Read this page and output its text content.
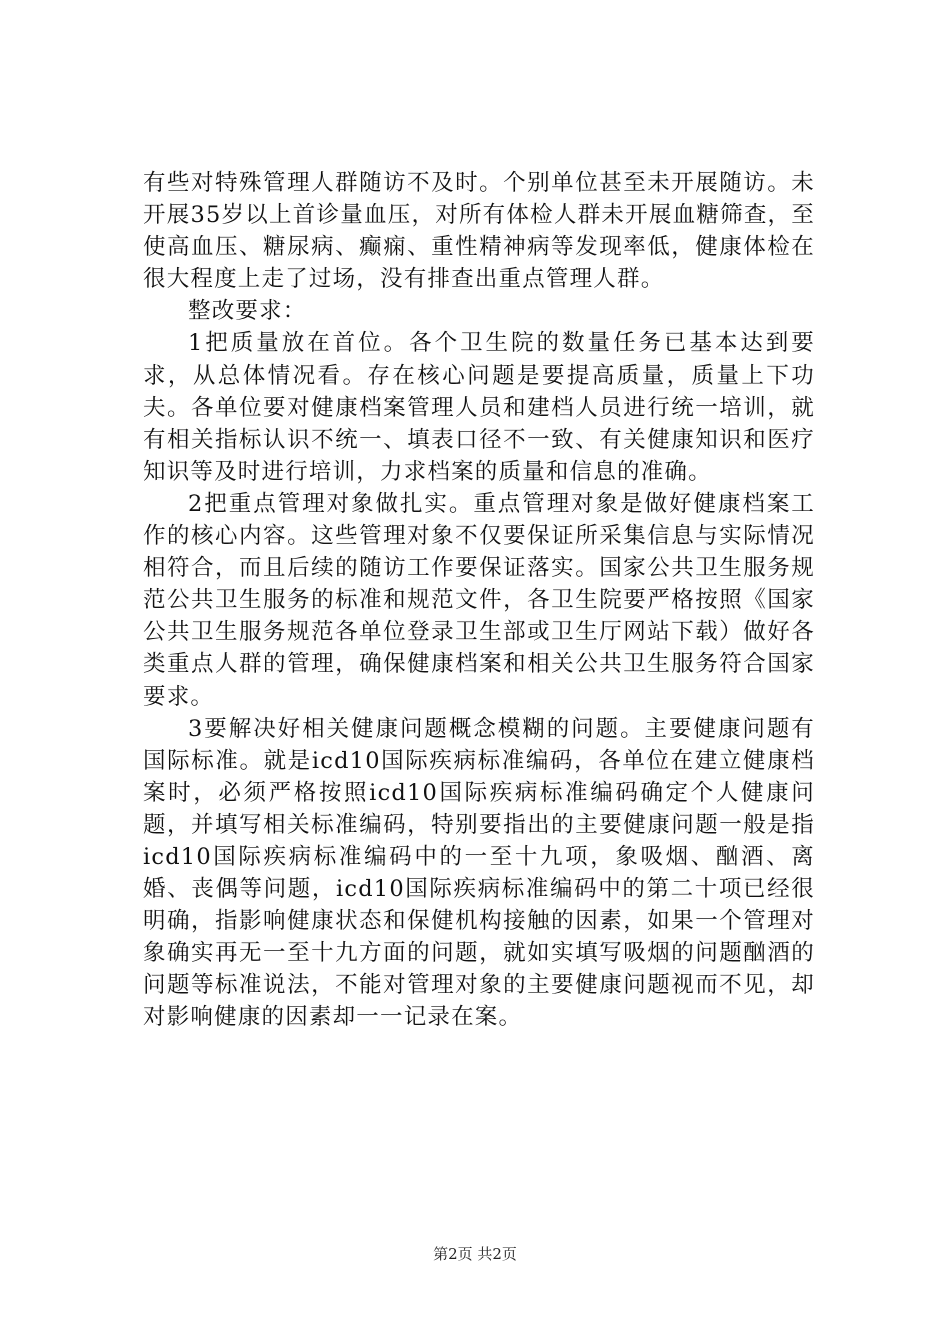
有些对特殊管理人群随访不及时。个别单位甚至未开展随访。未开展35岁以上首诊量血压，对所有体检人群未开展血糖筛查，至使高血压、糖尿病、癫痫、重性精神病等发现率低，健康体检在很大程度上走了过场，没有排查出重点管理人群。

整改要求：

1把质量放在首位。各个卫生院的数量任务已基本达到要求，从总体情况看。存在核心问题是要提高质量，质量上下功夫。各单位要对健康档案管理人员和建档人员进行统一培训，就有相关指标认识不统一、填表口径不一致、有关健康知识和医疗知识等及时进行培训，力求档案的质量和信息的准确。

2把重点管理对象做扎实。重点管理对象是做好健康档案工作的核心内容。这些管理对象不仅要保证所采集信息与实际情况相符合，而且后续的随访工作要保证落实。国家公共卫生服务规范公共卫生服务的标准和规范文件，各卫生院要严格按照《国家公共卫生服务规范各单位登录卫生部或卫生厅网站下载）做好各类重点人群的管理，确保健康档案和相关公共卫生服务符合国家要求。

3要解决好相关健康问题概念模糊的问题。主要健康问题有国际标准。就是icd10国际疾病标准编码，各单位在建立健康档案时，必须严格按照icd10国际疾病标准编码确定个人健康问题，并填写相关标准编码，特别要指出的主要健康问题一般是指icd10国际疾病标准编码中的一至十九项，象吸烟、酗酒、离婚、丧偶等问题，icd10国际疾病标准编码中的第二十项已经很明确，指影响健康状态和保健机构接触的因素，如果一个管理对象确实再无一至十九方面的问题，就如实填写吸烟的问题酗酒的问题等标准说法，不能对管理对象的主要健康问题视而不见，却对影响健康的因素却一一记录在案。

第2页 共2页
